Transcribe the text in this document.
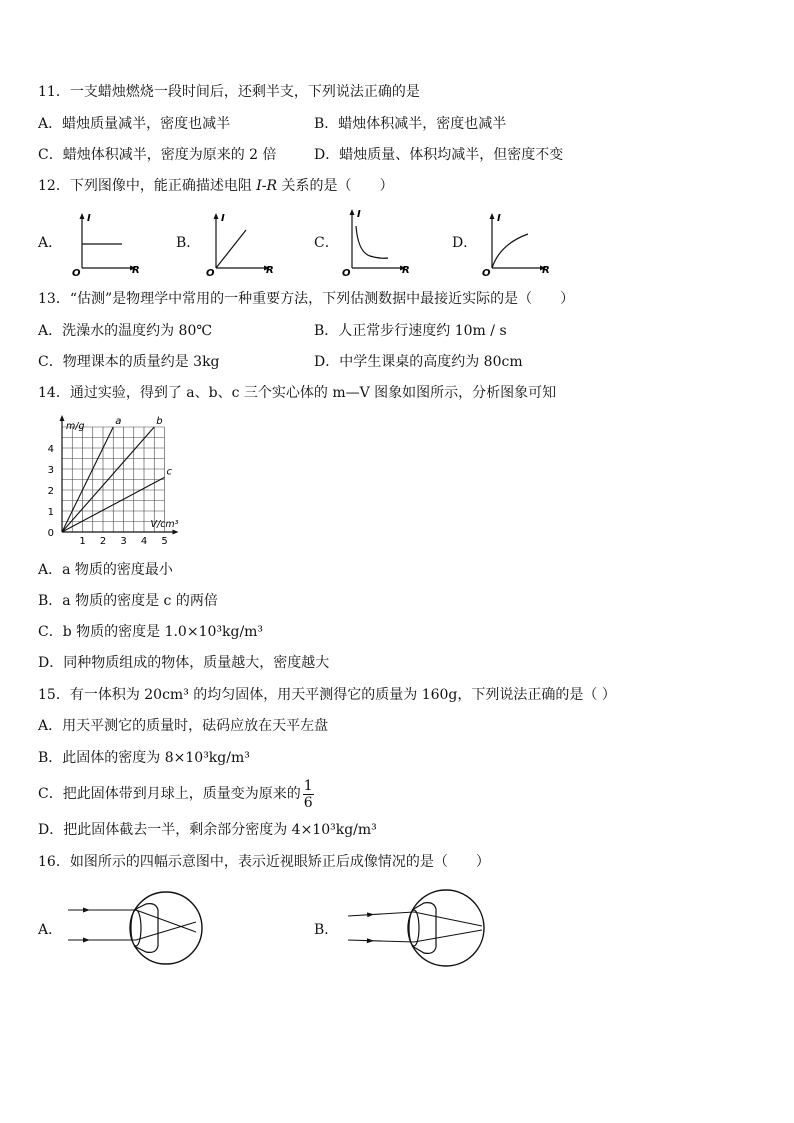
11．一支蜡烛燃烧一段时间后，还剩半支，下列说法正确的是
A．蜡烛质量减半，密度也减半	B．蜡烛体积减半，密度也减半
C．蜡烛体积减半，密度为原来的 2 倍	D．蜡烛质量、体积均减半，但密度不变
12．下列图像中，能正确描述电阻 I-R 关系的是（　　）
A．	B．	C．	D．
I
R
O
I
R
O
I
R
O
I
R
O
13．“估测”是物理学中常用的一种重要方法，下列估测数据中最接近实际的是（　　）
A．洗澡水的温度约为 80℃	B．人正常步行速度约 10m / s
C．物理课本的质量约是 3kg	D．中学生课桌的高度约为 80cm
14．通过实验，得到了 a、b、c 三个实心体的 m—V 图象如图所示，分析图象可知
1 2 3 4 5
0
1
2
3
4
m/g
V/cm³
a	b
c
A．a 物质的密度最小
B．a 物质的密度是 c 的两倍
C．b 物质的密度是 1.0×10³kg/m³
D．同种物质组成的物体，质量越大，密度越大
15．有一体积为 20cm³ 的均匀固体，用天平测得它的质量为 160g，下列说法正确的是（ ）
A．用天平测它的质量时，砝码应放在天平左盘
B．此固体的密度为 8×10³kg/m³
C．把此固体带到月球上，质量变为原来的 $\frac{1}{6}$
D．把此固体截去一半，剩余部分密度为 4×10³kg/m³
16．如图所示的四幅示意图中，表示近视眼矫正后成像情况的是（　　）
A．	B．
